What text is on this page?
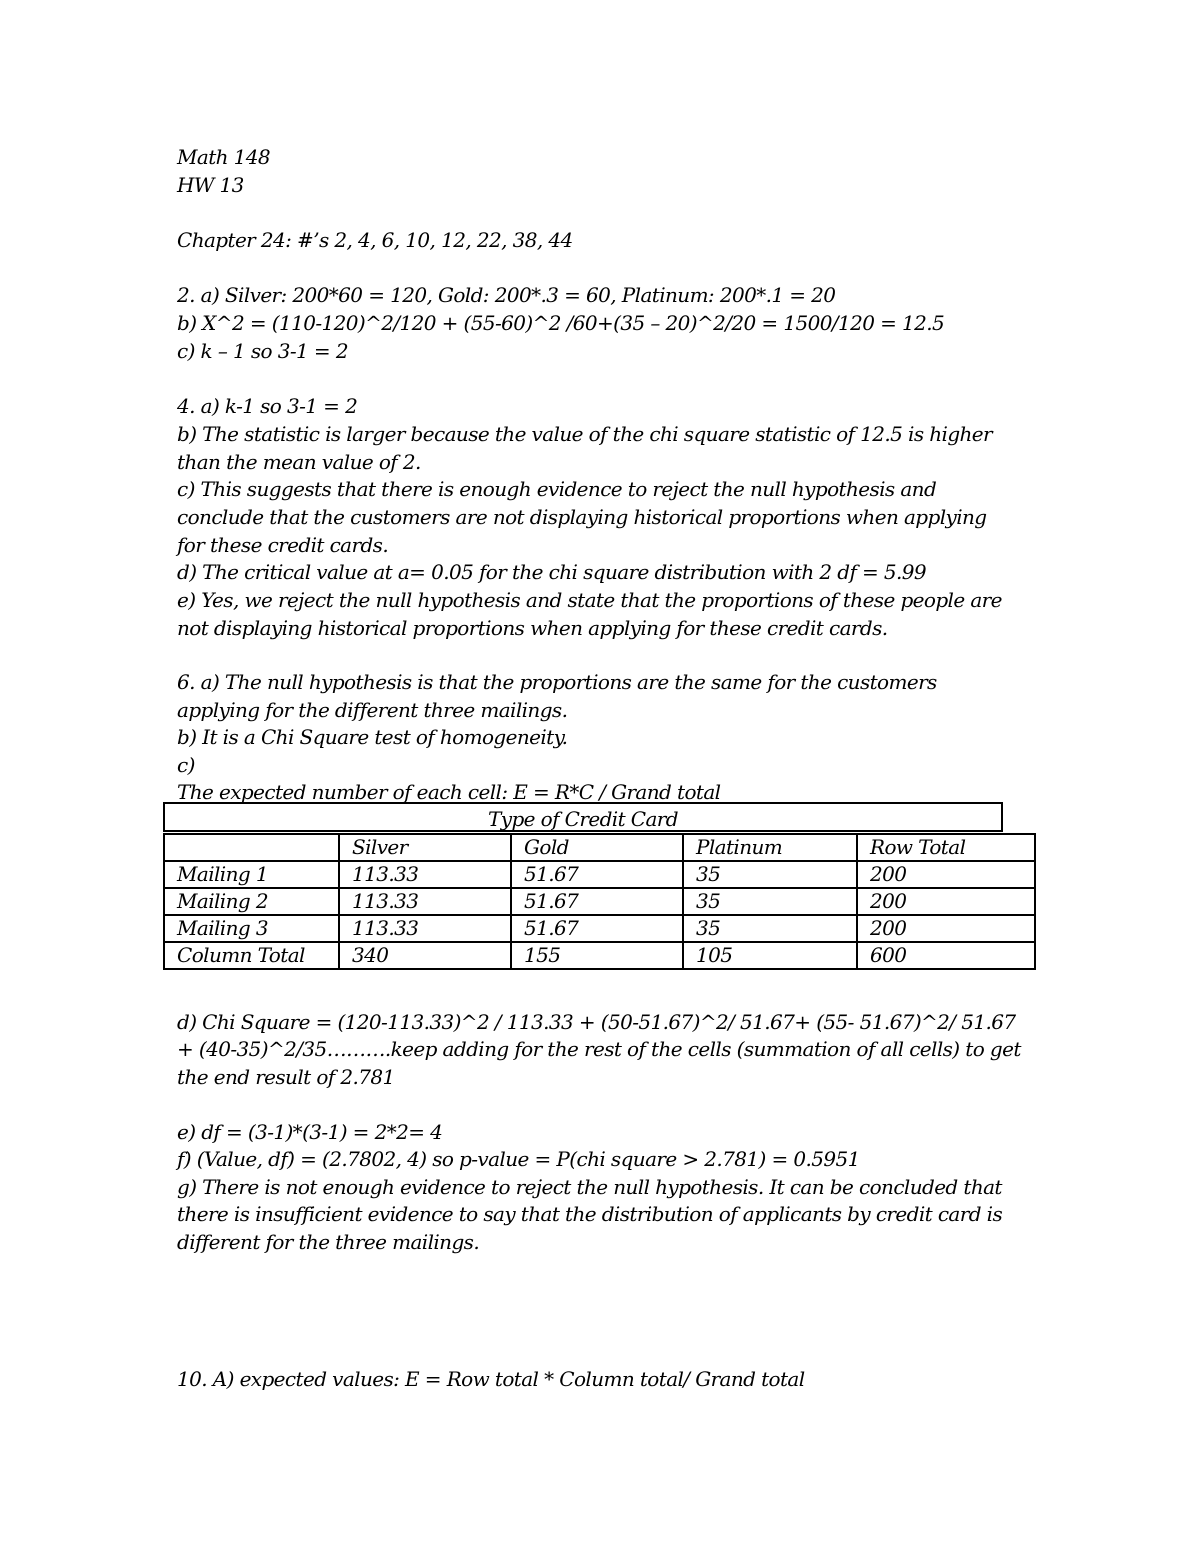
Math 148
HW 13
Chapter 24: #’s 2, 4, 6, 10, 12, 22, 38, 44
2. a) Silver: 200*60 = 120, Gold: 200*.3 = 60, Platinum: 200*.1 = 20
b) X^2 = (110-120)^2/120 + (55-60)^2 /60+(35 – 20)^2/20 = 1500/120 = 12.5
c) k – 1 so 3-1 = 2
4. a) k-1 so 3-1 = 2
b) The statistic is larger because the value of the chi square statistic of 12.5 is higher
than the mean value of 2.
c) This suggests that there is enough evidence to reject the null hypothesis and
conclude that the customers are not displaying historical proportions when applying
for these credit cards.
d) The critical value at a= 0.05 for the chi square distribution with 2 df = 5.99
e) Yes, we reject the null hypothesis and state that the proportions of these people are
not displaying historical proportions when applying for these credit cards.
6. a) The null hypothesis is that the proportions are the same for the customers
applying for the different three mailings.
b) It is a Chi Square test of homogeneity.
c)
The expected number of each cell: E = R*C / Grand total
Type of Credit Card
	Silver	Gold	Platinum	Row Total
Mailing 1	113.33	51.67	35	200
Mailing 2	113.33	51.67	35	200
Mailing 3	113.33	51.67	35	200
Column Total	340	155	105	600
d) Chi Square = (120-113.33)^2 / 113.33 + (50-51.67)^2/ 51.67+ (55- 51.67)^2/ 51.67
+ (40-35)^2/35……….keep adding for the rest of the cells (summation of all cells) to get
the end result of 2.781
e) df = (3-1)*(3-1) = 2*2= 4
f) (Value, df) = (2.7802, 4) so p-value = P(chi square > 2.781) = 0.5951
g) There is not enough evidence to reject the null hypothesis. It can be concluded that
there is insufficient evidence to say that the distribution of applicants by credit card is
different for the three mailings.
10. A) expected values: E = Row total * Column total/ Grand total
